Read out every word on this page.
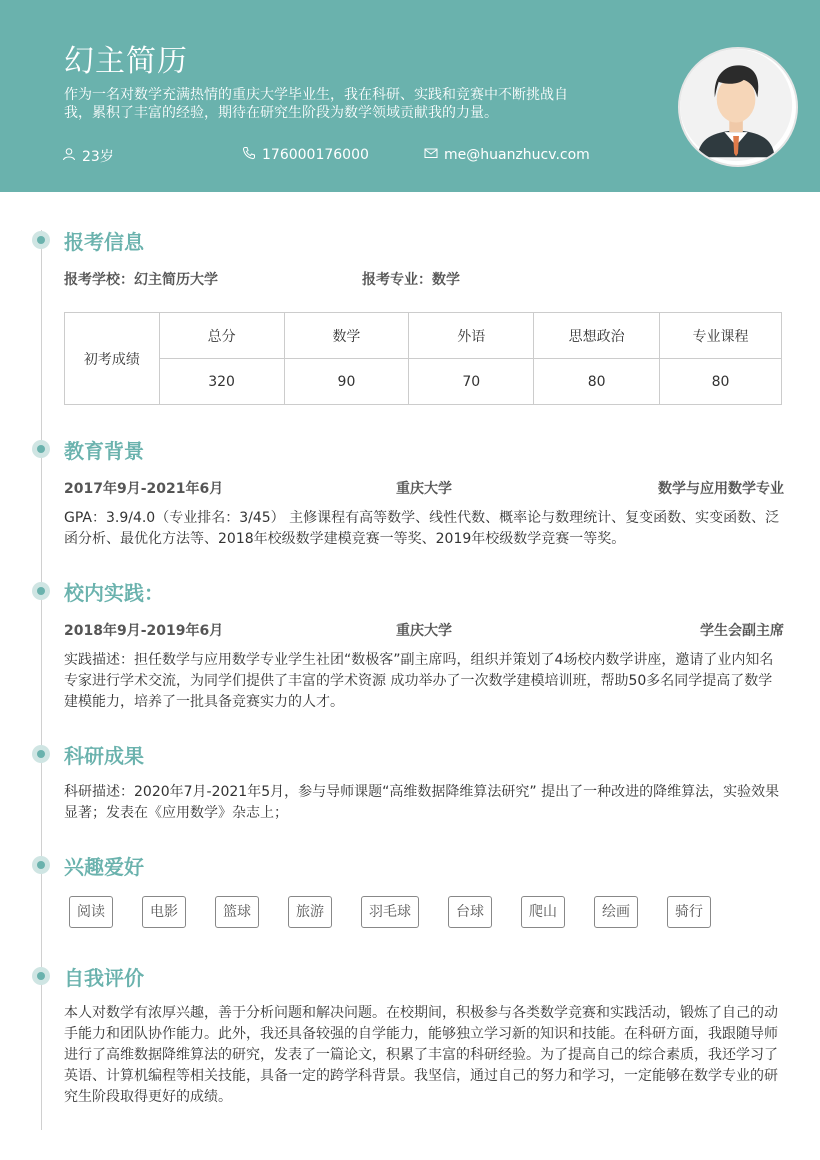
幻主简历
作为一名对数学充满热情的重庆大学毕业生，我在科研、实践和竞赛中不断挑战自我，累积了丰富的经验，期待在研究生阶段为数学领域贡献我的力量。
23岁	176000176000	me@huanzhucv.com
报考信息
报考学校：幻主简历大学	报考专业：数学
初考成绩	总分	数学	外语	思想政治	专业课程
	320	90	70	80	80
教育背景
2017年9月-2021年6月	重庆大学	数学与应用数学专业
GPA：3.9/4.0（专业排名：3/45） 主修课程有高等数学、线性代数、概率论与数理统计、复变函数、实变函数、泛函分析、最优化方法等、2018年校级数学建模竞赛一等奖、2019年校级数学竞赛一等奖。
校内实践：
2018年9月-2019年6月	重庆大学	学生会副主席
实践描述：担任数学与应用数学专业学生社团“数极客”副主席吗，组织并策划了4场校内数学讲座，邀请了业内知名专家进行学术交流，为同学们提供了丰富的学术资源 成功举办了一次数学建模培训班，帮助50多名同学提高了数学建模能力，培养了一批具备竞赛实力的人才。
科研成果
科研描述：2020年7月-2021年5月，参与导师课题“高维数据降维算法研究” 提出了一种改进的降维算法，实验效果显著；发表在《应用数学》杂志上；
兴趣爱好
阅读	电影	篮球	旅游	羽毛球	台球	爬山	绘画	骑行
自我评价
本人对数学有浓厚兴趣，善于分析问题和解决问题。在校期间，积极参与各类数学竞赛和实践活动，锻炼了自己的动手能力和团队协作能力。此外，我还具备较强的自学能力，能够独立学习新的知识和技能。在科研方面，我跟随导师进行了高维数据降维算法的研究，发表了一篇论文，积累了丰富的科研经验。为了提高自己的综合素质，我还学习了英语、计算机编程等相关技能，具备一定的跨学科背景。我坚信，通过自己的努力和学习，一定能够在数学专业的研究生阶段取得更好的成绩。
